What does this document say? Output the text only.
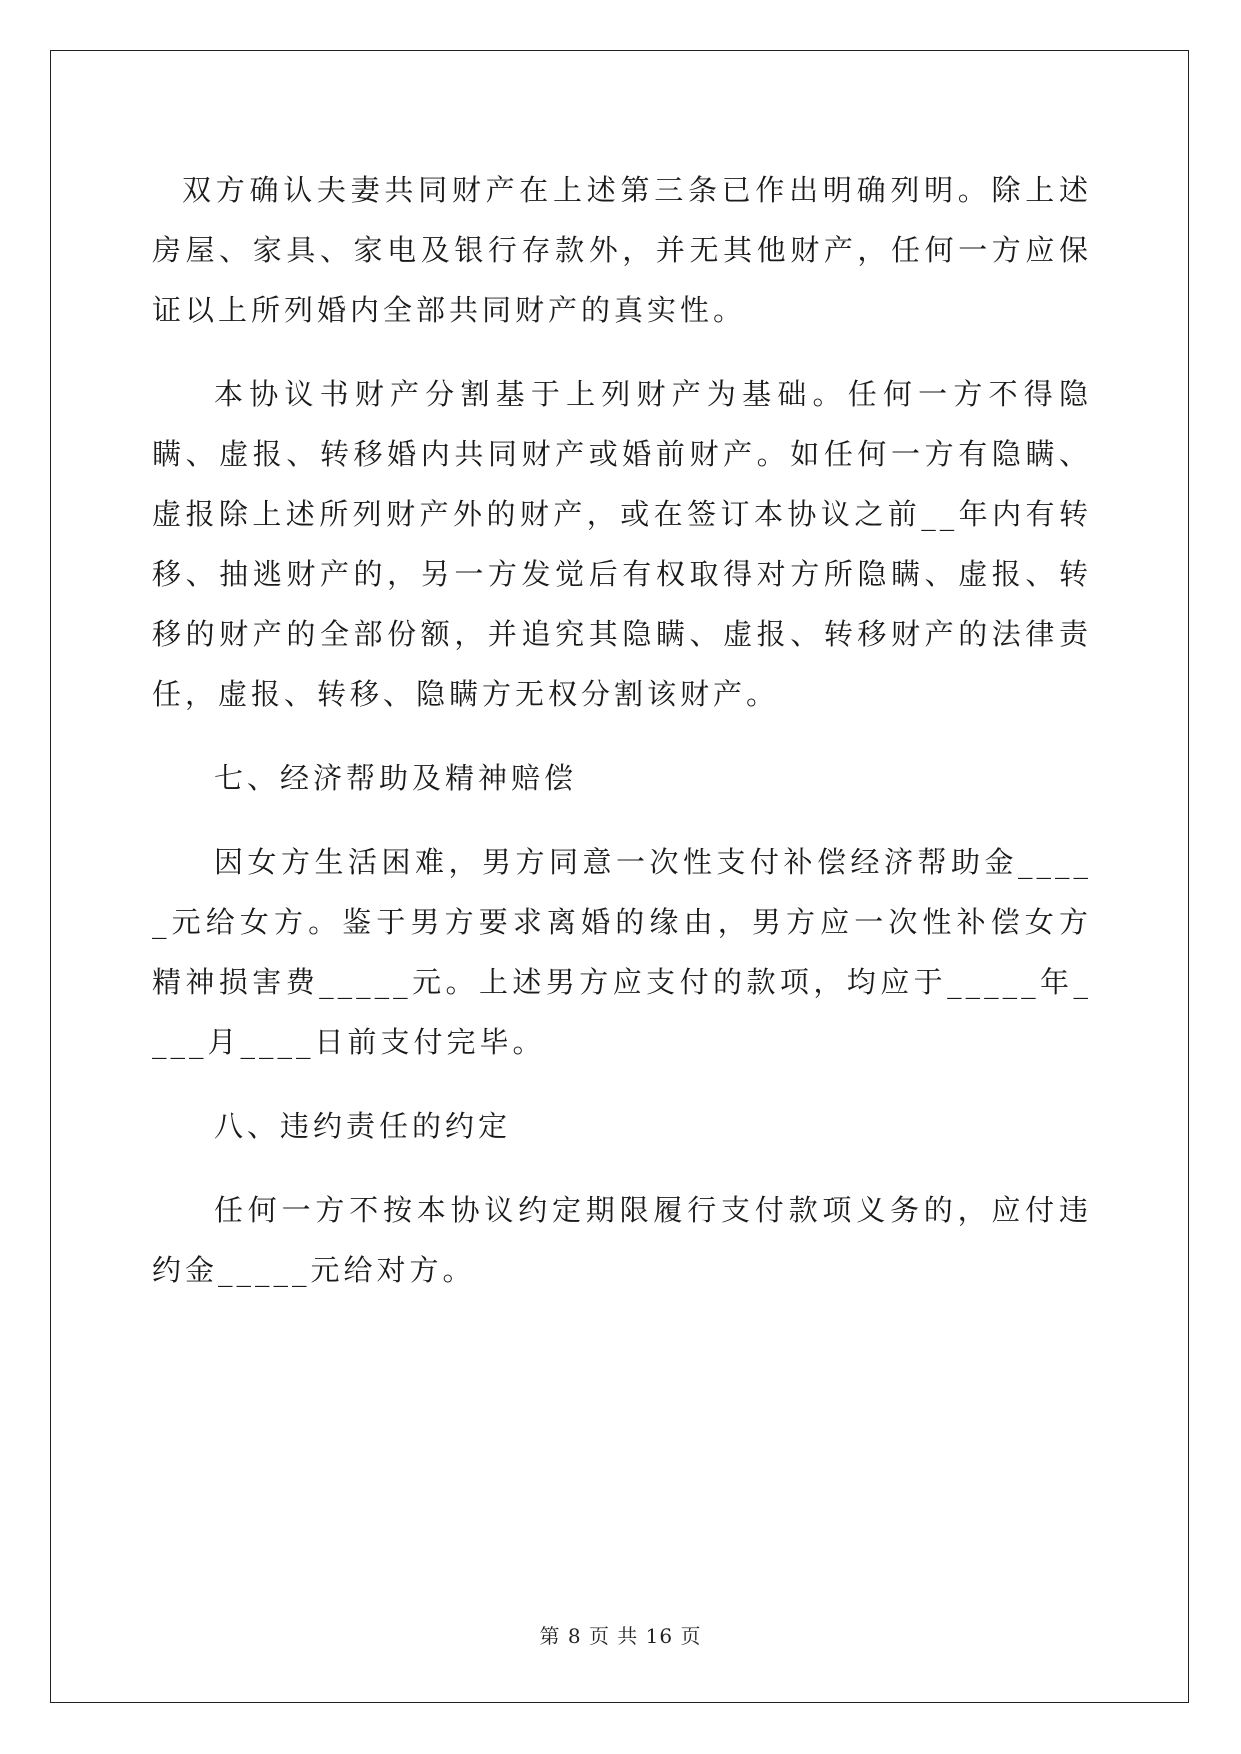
双方确认夫妻共同财产在上述第三条已作出明确列明。除上述房屋、家具、家电及银行存款外，并无其他财产，任何一方应保证以上所列婚内全部共同财产的真实性。

本协议书财产分割基于上列财产为基础。任何一方不得隐瞒、虚报、转移婚内共同财产或婚前财产。如任何一方有隐瞒、虚报除上述所列财产外的财产，或在签订本协议之前__年内有转移、抽逃财产的，另一方发觉后有权取得对方所隐瞒、虚报、转移的财产的全部份额，并追究其隐瞒、虚报、转移财产的法律责任，虚报、转移、隐瞒方无权分割该财产。

七、经济帮助及精神赔偿

因女方生活困难，男方同意一次性支付补偿经济帮助金_____元给女方。鉴于男方要求离婚的缘由，男方应一次性补偿女方精神损害费_____元。上述男方应支付的款项，均应于_____年____月____日前支付完毕。

八、违约责任的约定

任何一方不按本协议约定期限履行支付款项义务的，应付违约金_____元给对方。

第 8 页 共 16 页
